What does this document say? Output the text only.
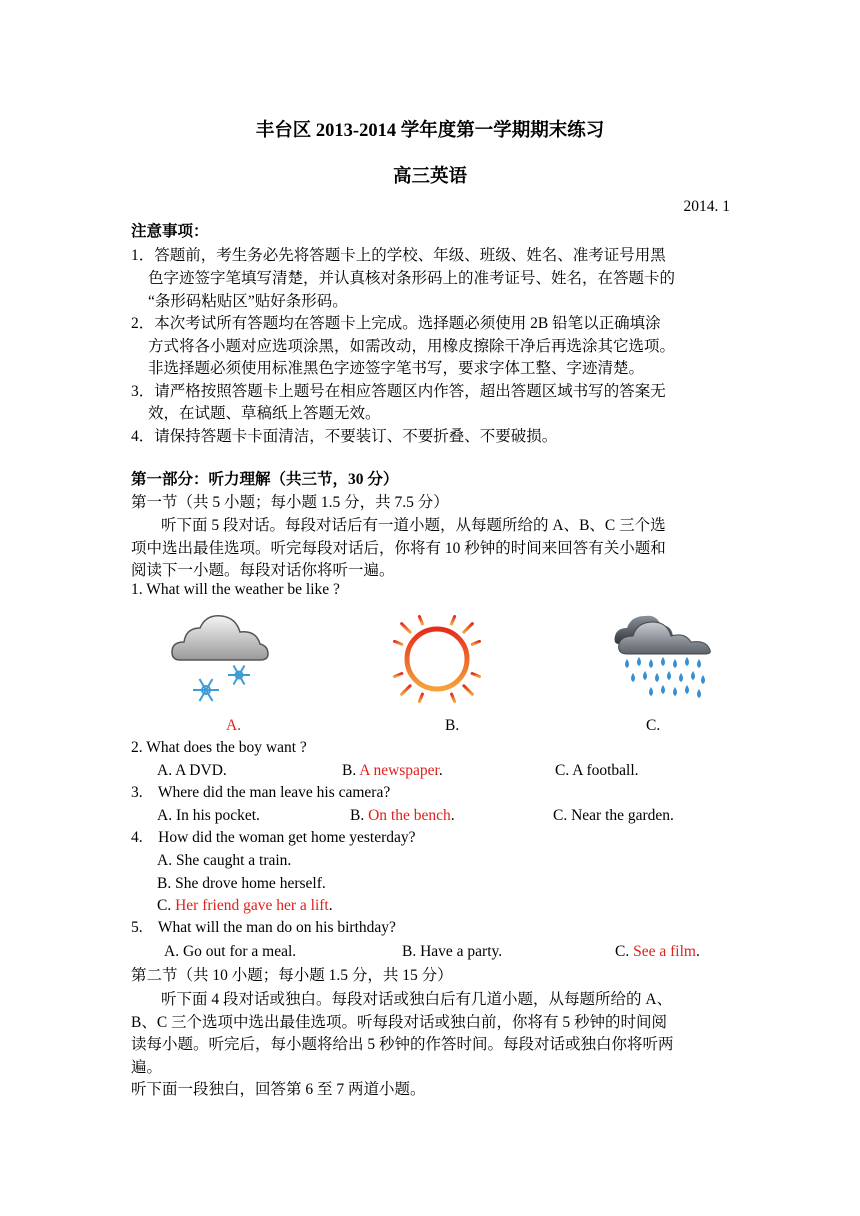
丰台区 2013-2014 学年度第一学期期末练习
高三英语
2014. 1
注意事项：
1．答题前，考生务必先将答题卡上的学校、年级、班级、姓名、准考证号用黑
色字迹签字笔填写清楚，并认真核对条形码上的准考证号、姓名，在答题卡的
“条形码粘贴区”贴好条形码。
2．本次考试所有答题均在答题卡上完成。选择题必须使用 2B 铅笔以正确填涂
方式将各小题对应选项涂黑，如需改动，用橡皮擦除干净后再选涂其它选项。
非选择题必须使用标准黑色字迹签字笔书写，要求字体工整、字迹清楚。
3．请严格按照答题卡上题号在相应答题区内作答，超出答题区域书写的答案无
效，在试题、草稿纸上答题无效。
4．请保持答题卡卡面清洁，不要装订、不要折叠、不要破损。
第一部分：听力理解（共三节，30 分）
第一节（共 5 小题；每小题 1.5 分，共 7.5 分）
听下面 5 段对话。每段对话后有一道小题，从每题所给的 A、B、C 三个选
项中选出最佳选项。听完每段对话后，你将有 10 秒钟的时间来回答有关小题和
阅读下一小题。每段对话你将听一遍。
1. What will the weather be like ?
A.	B.	C.
2. What does the boy want ?
A. A DVD.	B. A newspaper.	C. A football.
3.    Where did the man leave his camera?
A. In his pocket.	B. On the bench.	C. Near the garden.
4.    How did the woman get home yesterday?
A. She caught a train.
B. She drove home herself.
C. Her friend gave her a lift.
5.    What will the man do on his birthday?
A. Go out for a meal.	B. Have a party.	C. See a film.
第二节（共 10 小题；每小题 1.5 分，共 15 分）
听下面 4 段对话或独白。每段对话或独白后有几道小题，从每题所给的 A、
B、C 三个选项中选出最佳选项。听每段对话或独白前，你将有 5 秒钟的时间阅
读每小题。听完后，每小题将给出 5 秒钟的作答时间。每段对话或独白你将听两
遍。
听下面一段独白，回答第 6 至 7 两道小题。
